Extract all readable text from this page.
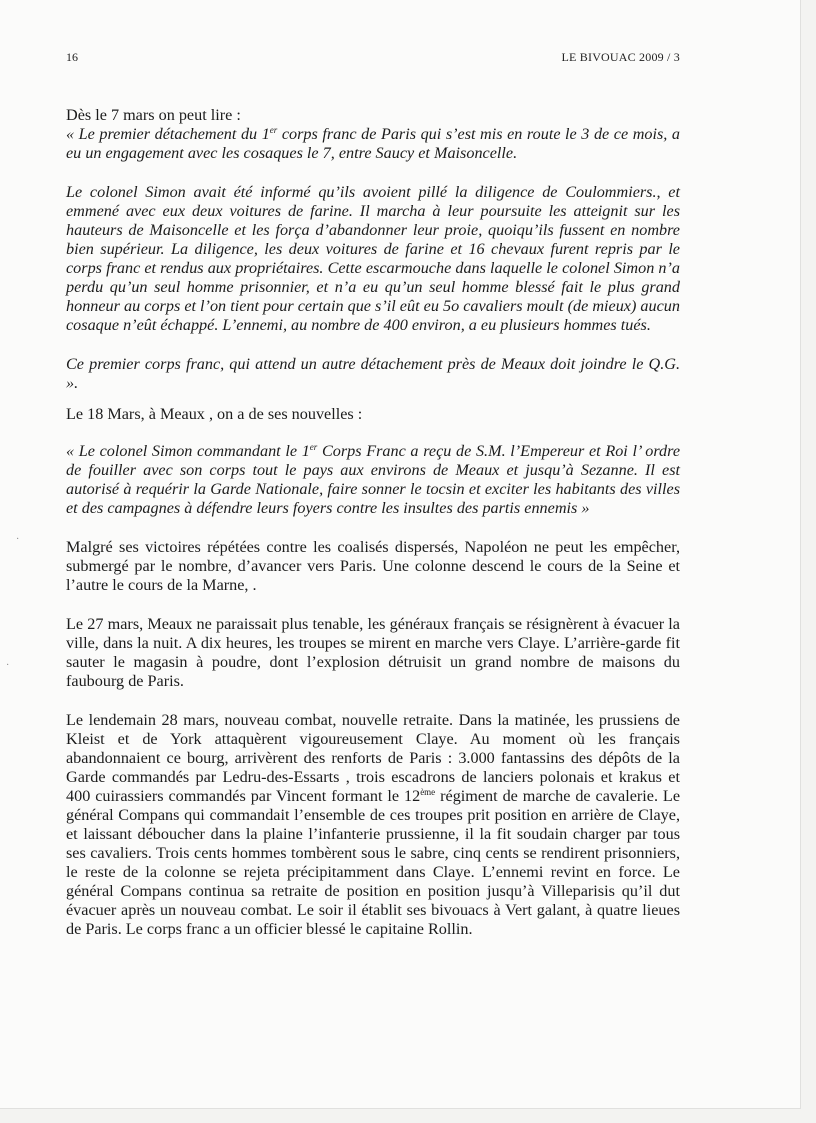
16	LE BIVOUAC 2009 / 3

Dès le 7 mars on peut lire :

« Le premier détachement du 1er corps franc de Paris qui s’est mis en route le 3 de ce mois, a eu un engagement avec les cosaques le 7, entre Saucy et Maisoncelle.

Le colonel Simon avait été informé qu’ils avoient pillé la diligence de Coulommiers., et emmené avec eux deux voitures de farine. Il marcha à leur poursuite les atteignit sur les hauteurs de Maisoncelle et les força d’abandonner leur proie, quoiqu’ils fussent en nombre bien supérieur. La diligence, les deux voitures de farine et 16 chevaux furent repris par le corps franc et rendus aux propriétaires. Cette escarmouche dans laquelle le colonel Simon n’a perdu qu’un seul homme prisonnier, et n’a eu qu’un seul homme blessé fait le plus grand honneur au corps et l’on tient pour certain que s’il eût eu 5o cavaliers moult (de mieux) aucun cosaque n’eût échappé. L’ennemi, au nombre de 400 environ, a eu plusieurs hommes tués.

Ce premier corps franc, qui attend un autre détachement près de Meaux doit joindre le Q.G. ».

Le 18 Mars, à Meaux , on a de ses nouvelles :

« Le colonel Simon commandant le 1er Corps Franc a reçu de S.M. l’Empereur et Roi l’ ordre de fouiller avec son corps tout le pays aux environs de Meaux et jusqu’à Sezanne. Il est autorisé à requérir la Garde Nationale, faire sonner le tocsin et exciter les habitants des villes et des campagnes à défendre leurs foyers contre les insultes des partis ennemis »

Malgré ses victoires répétées contre les coalisés dispersés, Napoléon ne peut les empêcher, submergé par le nombre, d’avancer vers Paris. Une colonne descend le cours de la Seine et l’autre le cours de la Marne, .

Le 27 mars, Meaux ne paraissait plus tenable, les généraux français se résignèrent à évacuer la ville, dans la nuit. A dix heures, les troupes se mirent en marche vers Claye. L’arrière-garde fit sauter le magasin à poudre, dont l’explosion détruisit un grand nombre de maisons du faubourg de Paris.

Le lendemain 28 mars, nouveau combat, nouvelle retraite. Dans la matinée, les prussiens de Kleist et de York attaquèrent vigoureusement Claye. Au moment où les français abandonnaient ce bourg, arrivèrent des renforts de Paris : 3.000 fantassins des dépôts de la Garde commandés par Ledru-des-Essarts , trois escadrons de lanciers polonais et krakus et 400 cuirassiers commandés par Vincent formant le 12ème régiment de marche de cavalerie. Le général Compans qui commandait l’ensemble de ces troupes prit position en arrière de Claye, et laissant déboucher dans la plaine l’infanterie prussienne, il la fit soudain charger par tous ses cavaliers. Trois cents hommes tombèrent sous le sabre, cinq cents se rendirent prisonniers, le reste de la colonne se rejeta précipitamment dans Claye. L’ennemi revint en force. Le général Compans continua sa retraite de position en position jusqu’à Villeparisis qu’il dut évacuer après un nouveau combat. Le soir il établit ses bivouacs à Vert galant, à quatre lieues de Paris. Le corps franc a un officier blessé le capitaine Rollin.

·
·
